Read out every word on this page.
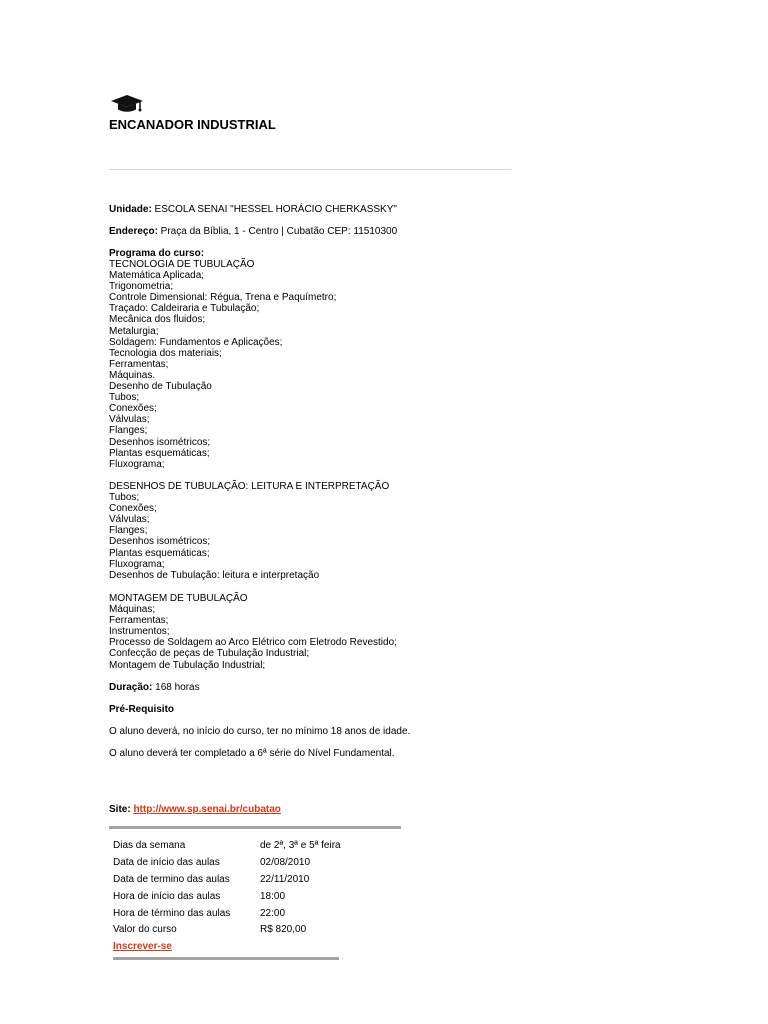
ENCANADOR INDUSTRIAL
Unidade: ESCOLA SENAI "HESSEL HORÁCIO CHERKASSKY"
Endereço: Praça da Bíblia, 1 - Centro | Cubatão CEP: 11510300
Programa do curso:
TECNOLOGIA DE TUBULAÇÃO
Matemática Aplicada;
Trigonometria;
Controle Dimensional: Régua, Trena e Paquímetro;
Traçado: Caldeiraria e Tubulação;
Mecânica dos fluidos;
Metalurgia;
Soldagem: Fundamentos e Aplicações;
Tecnologia dos materiais;
Ferramentas;
Máquinas.
Desenho de Tubulação
Tubos;
Conexões;
Válvulas;
Flanges;
Desenhos isométricos;
Plantas esquemáticas;
Fluxograma;
DESENHOS DE TUBULAÇÃO: LEITURA E INTERPRETAÇÃO
Tubos;
Conexões;
Válvulas;
Flanges;
Desenhos isométricos;
Plantas esquemáticas;
Fluxograma;
Desenhos de Tubulação: leitura e interpretação
MONTAGEM DE TUBULAÇÃO
Máquinas;
Ferramentas;
Instrumentos;
Processo de Soldagem ao Arco Elétrico com Eletrodo Revestido;
Confecção de peças de Tubulação Industrial;
Montagem de Tubulação Industrial;
Duração: 168 horas
Pré-Requisito
O aluno deverá, no início do curso, ter no mínimo 18 anos de idade.
O aluno deverá ter completado a 6ª série do Nível Fundamental.
Site: http://www.sp.senai.br/cubatao
Dias da semana	de 2ª, 3ª e 5ª feira
Data de início das aulas	02/08/2010
Data de termino das aulas	22/11/2010
Hora de início das aulas	18:00
Hora de término das aulas	22:00
Valor do curso	R$ 820,00
Inscrever-se
